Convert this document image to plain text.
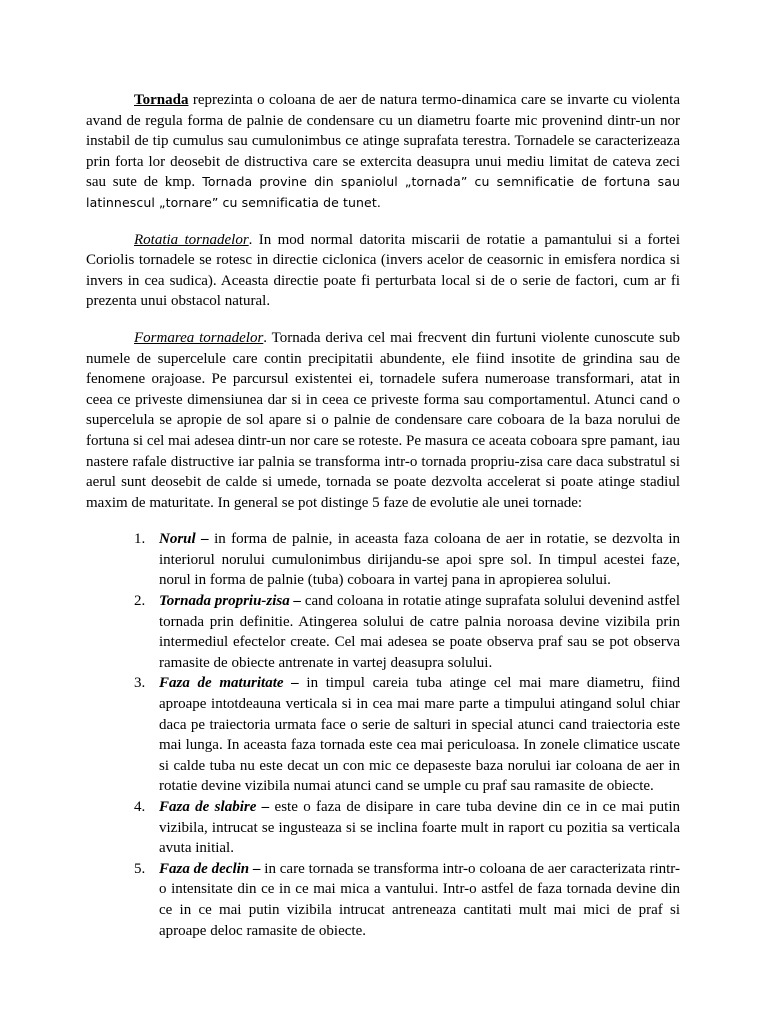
Tornada reprezinta o coloana de aer de natura termo-dinamica care se invarte cu violenta avand de regula forma de palnie de condensare cu un diametru foarte mic provenind dintr-un nor instabil de tip cumulus sau cumulonimbus ce atinge suprafata terestra. Tornadele se caracterizeaza prin forta lor deosebit de distructiva care se extercita deasupra unui mediu limitat de cateva zeci sau sute de kmp. Tornada provine din spaniolul „tornada” cu semnificatie de fortuna sau latinnescul „tornare” cu semnificatia de tunet.

Rotatia tornadelor. In mod normal datorita miscarii de rotatie a pamantului si a fortei Coriolis tornadele se rotesc in directie ciclonica (invers acelor de ceasornic in emisfera nordica si invers in cea sudica). Aceasta directie poate fi perturbata local si de o serie de factori, cum ar fi prezenta unui obstacol natural.

Formarea tornadelor. Tornada deriva cel mai frecvent din furtuni violente cunoscute sub numele de supercelule care contin precipitatii abundente, ele fiind insotite de grindina sau de fenomene orajoase. Pe parcursul existentei ei, tornadele sufera numeroase transformari, atat in ceea ce priveste dimensiunea dar si in ceea ce priveste forma sau comportamentul. Atunci cand o supercelula se apropie de sol apare si o palnie de condensare care coboara de la baza norului de fortuna si cel mai adesea dintr-un nor care se roteste. Pe masura ce aceata coboara spre pamant, iau nastere rafale distructive iar palnia se transforma intr-o tornada propriu-zisa care daca substratul si aerul sunt deosebit de calde si umede, tornada se poate dezvolta accelerat si poate atinge stadiul maxim de maturitate. In general se pot distinge 5 faze de evolutie ale unei tornade:

1. Norul – in forma de palnie, in aceasta faza coloana de aer in rotatie, se dezvolta in interiorul norului cumulonimbus dirijandu-se apoi spre sol. In timpul acestei faze, norul in forma de palnie (tuba) coboara in vartej pana in apropierea solului.
2. Tornada propriu-zisa – cand coloana in rotatie atinge suprafata solului devenind astfel tornada prin definitie. Atingerea solului de catre palnia noroasa devine vizibila prin intermediul efectelor create. Cel mai adesea se poate observa praf sau se pot observa ramasite de obiecte antrenate in vartej deasupra solului.
3. Faza de maturitate – in timpul careia tuba atinge cel mai mare diametru, fiind aproape intotdeauna verticala si in cea mai mare parte a timpului atingand solul chiar daca pe traiectoria urmata face o serie de salturi in special atunci cand traiectoria este mai lunga. In aceasta faza tornada este cea mai periculoasa. In zonele climatice uscate si calde tuba nu este decat un con mic ce depaseste baza norului iar coloana de aer in rotatie devine vizibila numai atunci cand se umple cu praf sau ramasite de obiecte.
4. Faza de slabire – este o faza de disipare in care tuba devine din ce in ce mai putin vizibila, intrucat se ingusteaza si se inclina foarte mult in raport cu pozitia sa verticala avuta initial.
5. Faza de declin – in care tornada se transforma intr-o coloana de aer caracterizata rintr-o intensitate din ce in ce mai mica a vantului. Intr-o astfel de faza tornada devine din ce in ce mai putin vizibila intrucat antreneaza cantitati mult mai mici de praf si aproape deloc ramasite de obiecte.
